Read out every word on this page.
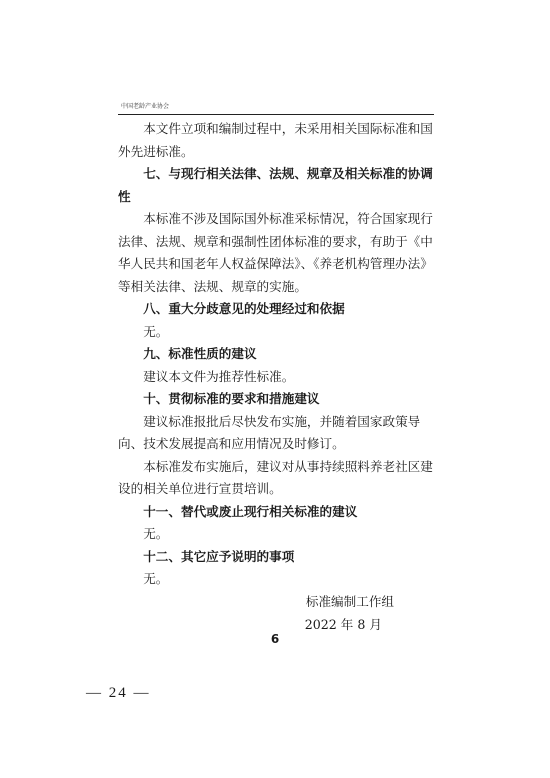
中国老龄产业协会

本文件立项和编制过程中，未采用相关国际标准和国外先进标准。

七、与现行相关法律、法规、规章及相关标准的协调性

本标准不涉及国际国外标准采标情况，符合国家现行法律、法规、规章和强制性团体标准的要求，有助于《中华人民共和国老年人权益保障法》、《养老机构管理办法》等相关法律、法规、规章的实施。

八、重大分歧意见的处理经过和依据

无。

九、标准性质的建议

建议本文件为推荐性标准。

十、贯彻标准的要求和措施建议

建议标准报批后尽快发布实施，并随着国家政策导向、技术发展提高和应用情况及时修订。

本标准发布实施后，建议对从事持续照料养老社区建设的相关单位进行宣贯培训。

十一、替代或废止现行相关标准的建议

无。

十二、其它应予说明的事项

无。

标准编制工作组
2022 年 8 月
6
— 24 —
